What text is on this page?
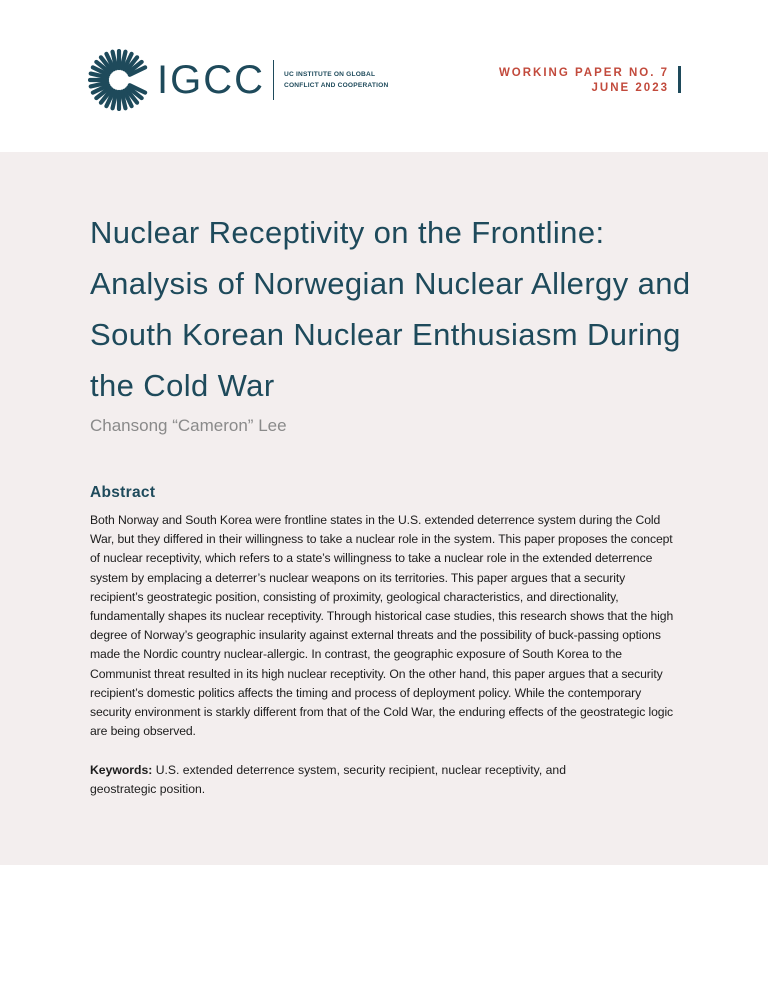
IGCC	UC INSTITUTE ON GLOBAL
CONFLICT AND COOPERATION
WORKING PAPER NO. 7
JUNE 2023
Nuclear Receptivity on the Frontline: Analysis of Norwegian Nuclear Allergy and South Korean Nuclear Enthusiasm During the Cold War
Chansong “Cameron” Lee
Abstract

Both Norway and South Korea were frontline states in the U.S. extended deterrence system during the Cold War, but they differed in their willingness to take a nuclear role in the system. This paper proposes the concept of nuclear receptivity, which refers to a state’s willingness to take a nuclear role in the extended deterrence system by emplacing a deterrer’s nuclear weapons on its territories. This paper argues that a security recipient’s geostrategic position, consisting of proximity, geological characteristics, and directionality, fundamentally shapes its nuclear receptivity. Through historical case studies, this research shows that the high degree of Norway’s geographic insularity against external threats and the possibility of buck-passing options made the Nordic country nuclear-allergic. In contrast, the geographic exposure of South Korea to the Communist threat resulted in its high nuclear receptivity. On the other hand, this paper argues that a security recipient’s domestic politics affects the timing and process of deployment policy. While the contemporary security environment is starkly different from that of the Cold War, the enduring effects of the geostrategic logic are being observed.

Keywords: U.S. extended deterrence system, security recipient, nuclear receptivity, and geostrategic position.
